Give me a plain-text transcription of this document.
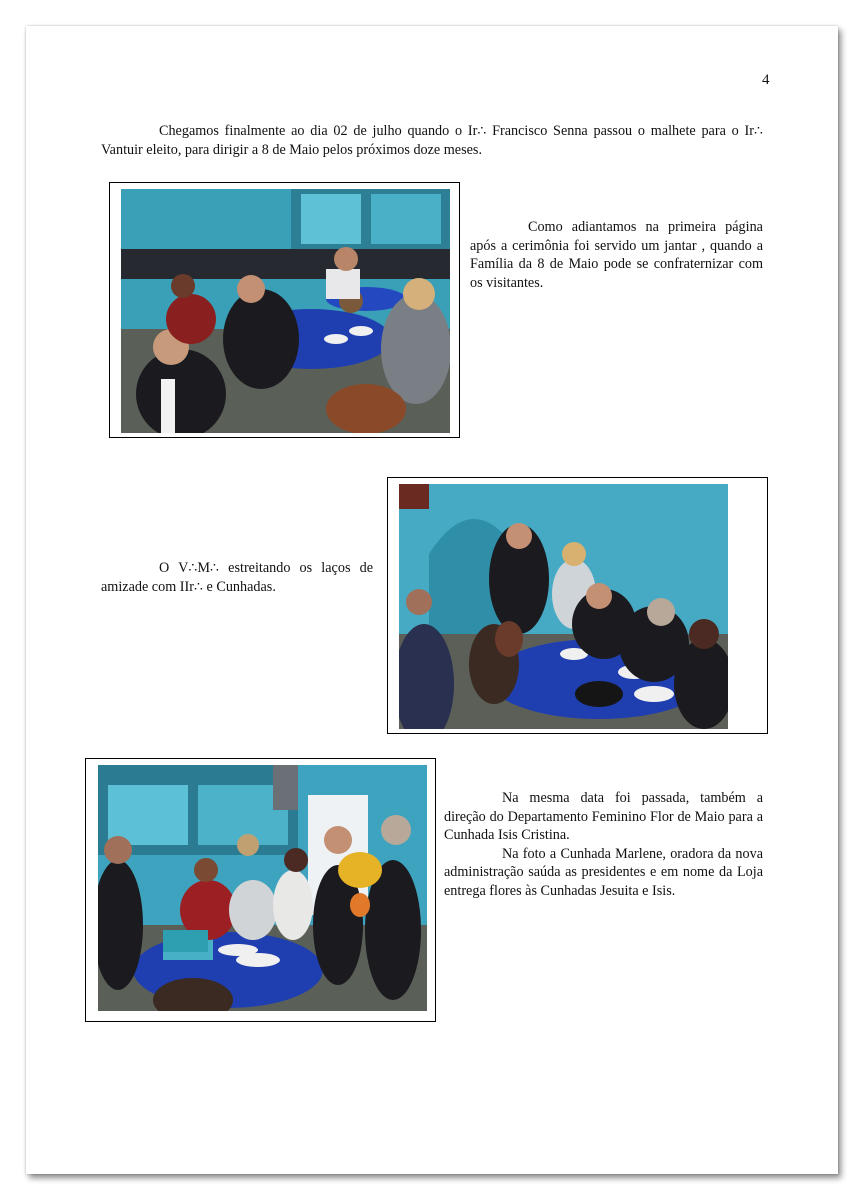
4

Chegamos finalmente ao dia 02 de julho quando o Ir∴ Francisco Senna passou o malhete para o Ir∴ Vantuir eleito, para dirigir a 8 de Maio pelos próximos doze meses.

Como adiantamos na primeira página após a cerimônia foi servido um jantar , quando a Família da 8 de Maio pode se confraternizar com os visitantes.

O V∴M∴ estreitando os laços de amizade com IIr∴ e Cunhadas.

Na mesma data foi passada, também a direção do Departamento Feminino Flor de Maio para a Cunhada Isis Cristina.

Na foto a Cunhada Marlene, oradora da nova administração saúda as presidentes e em nome da Loja entrega flores às Cunhadas Jesuita e Isis.
